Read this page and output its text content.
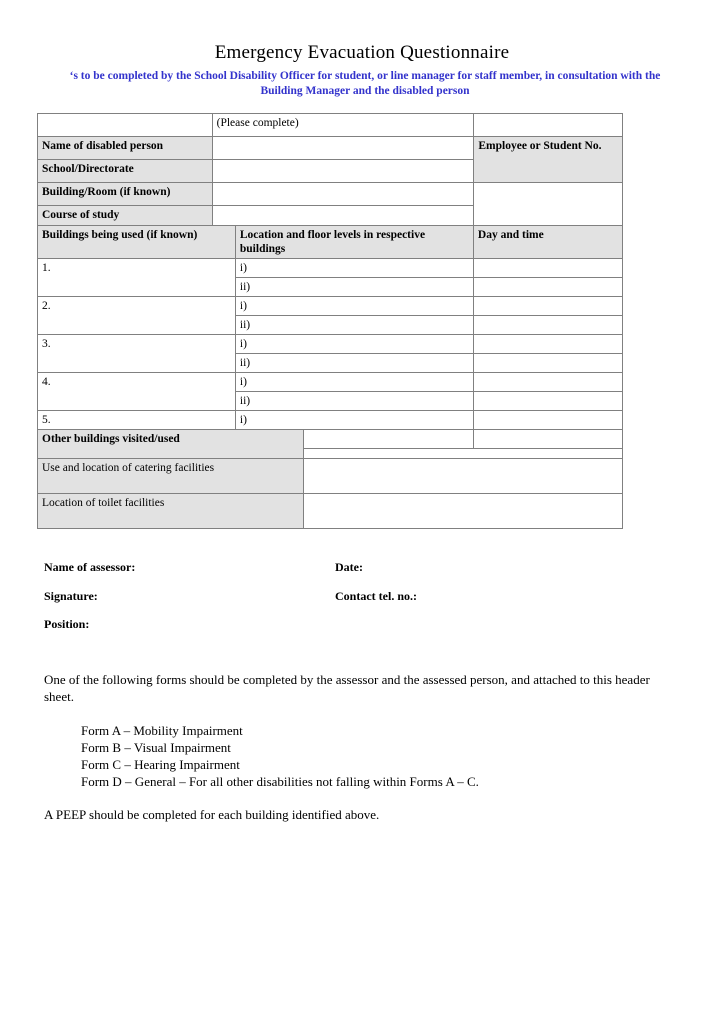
Emergency Evacuation Questionnaire
‘s to be completed by the School Disability Officer for student, or line manager for staff member, in consultation with the Building Manager and the disabled person
	(Please complete)	
Name of disabled person		Employee or Student No.
School/Directorate		
Building/Room (if known)		
Course of study		
Buildings being used (if known)	Location and floor levels in respective buildings	Day and time
1.	i)	
	ii)	
2.	i)	
	ii)	
3.	i)	
	ii)	
4.	i)	
	ii)	
5.	i)	

Other buildings visited/used	
Use and location of catering facilities	
Location of toilet facilities	
Name of assessor:	Date:
Signature:	Contact tel. no.:
Position:
One of the following forms should be completed by the assessor and the assessed person, and attached to this header sheet.
Form A – Mobility Impairment
Form B – Visual Impairment
Form C – Hearing Impairment
Form D – General – For all other disabilities not falling within Forms A – C.
A PEEP should be completed for each building identified above.
